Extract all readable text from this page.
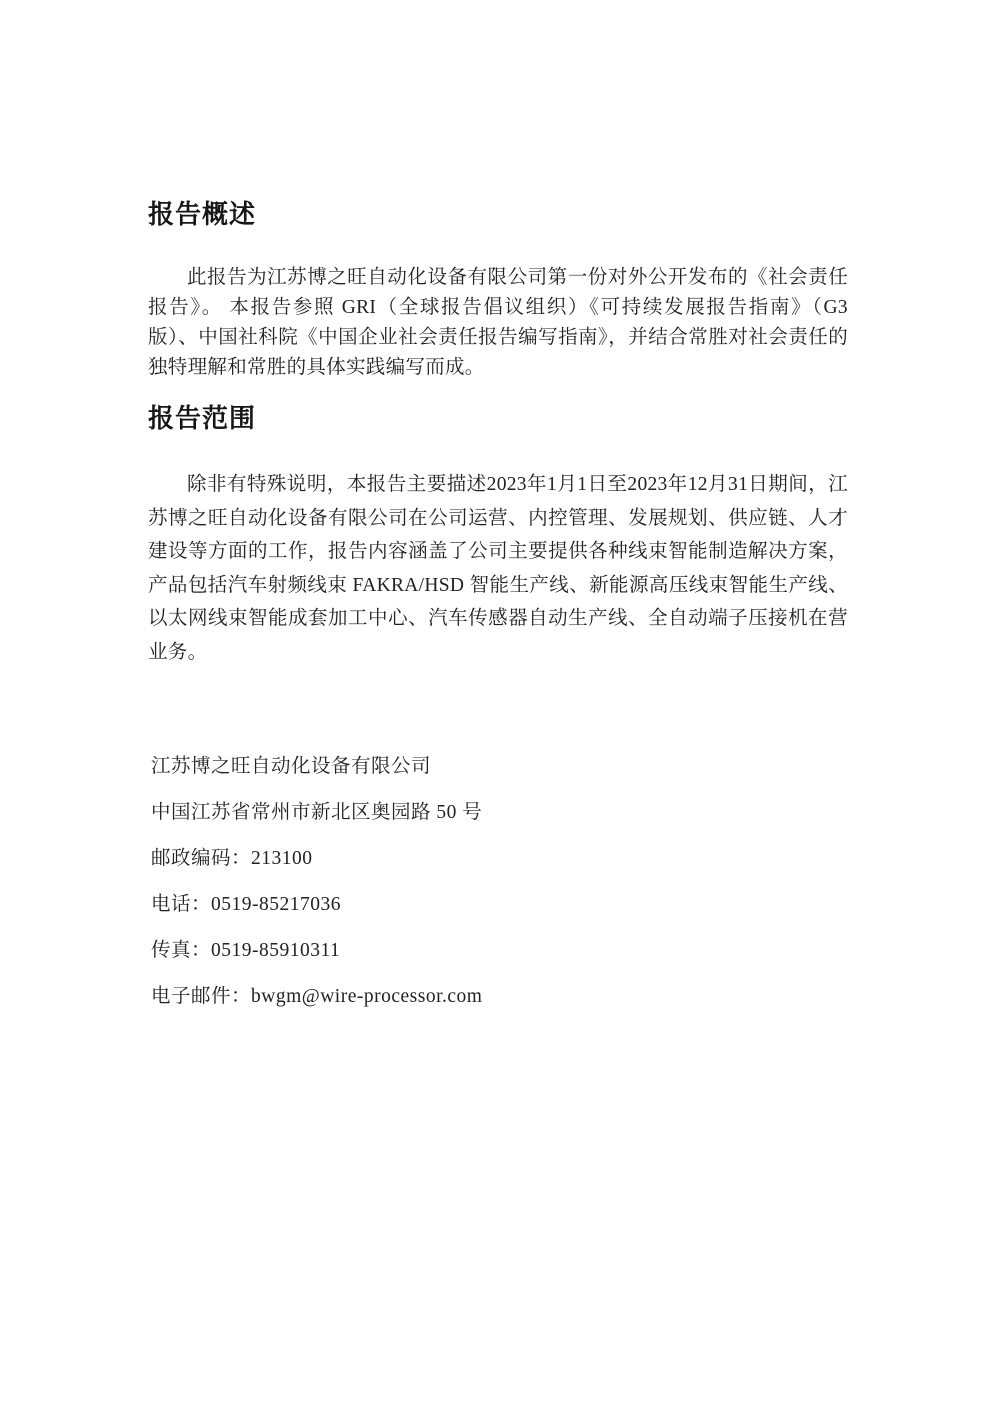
报告概述

此报告为江苏博之旺自动化设备有限公司第一份对外公开发布的《社会责任报告》。 本报告参照 GRI（全球报告倡议组织）《可持续发展报告指南》（G3 版）、中国社科院《中国企业社会责任报告编写指南》，并结合常胜对社会责任的独特理解和常胜的具体实践编写而成。

报告范围

除非有特殊说明，本报告主要描述2023年1月1日至2023年12月31日期间，江苏博之旺自动化设备有限公司在公司运营、内控管理、发展规划、供应链、人才建设等方面的工作，报告内容涵盖了公司主要提供各种线束智能制造解决方案，产品包括汽车射频线束 FAKRA/HSD 智能生产线、新能源高压线束智能生产线、以太网线束智能成套加工中心、汽车传感器自动生产线、全自动端子压接机在营业务。

江苏博之旺自动化设备有限公司
中国江苏省常州市新北区奥园路 50 号
邮政编码：213100
电话：0519-85217036
传真：0519-85910311
电子邮件：bwgm@wire-processor.com
